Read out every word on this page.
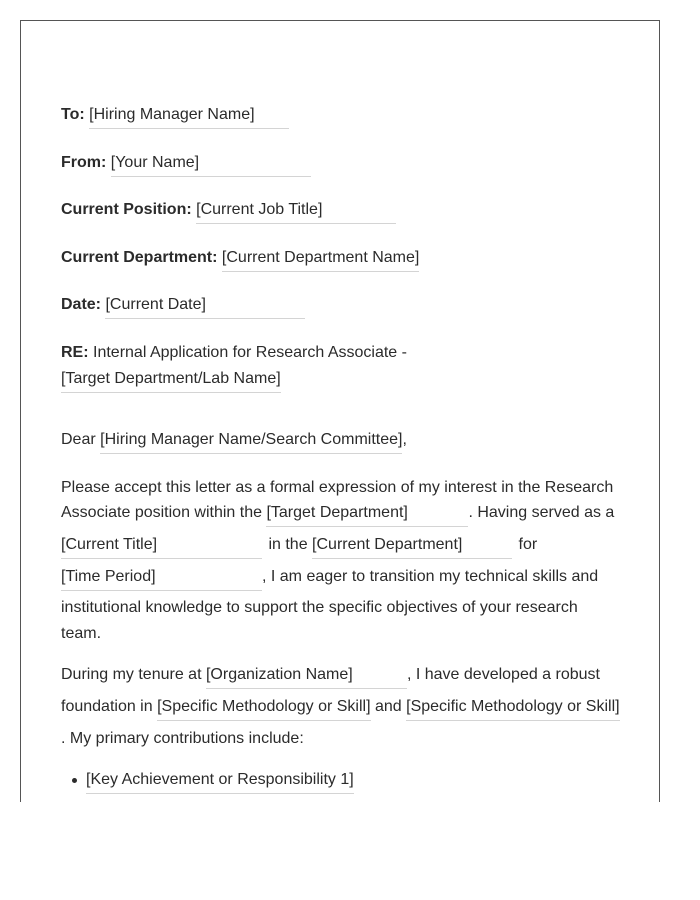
To: [Hiring Manager Name]
From: [Your Name]
Current Position: [Current Job Title]
Current Department: [Current Department Name]
Date: [Current Date]
RE: Internal Application for Research Associate -
[Target Department/Lab Name]
Dear [Hiring Manager Name/Search Committee],
Please accept this letter as a formal expression of my interest in the Research
Associate position within the [Target Department]	. Having served as a
[Current Title]	in the [Current Department]	for
[Time Period]	, I am eager to transition my technical skills and
institutional knowledge to support the specific objectives of your research
team.
During my tenure at [Organization Name]	, I have developed a robust
foundation in [Specific Methodology or Skill] and [Specific Methodology or Skill]
. My primary contributions include:
[Key Achievement or Responsibility 1]
